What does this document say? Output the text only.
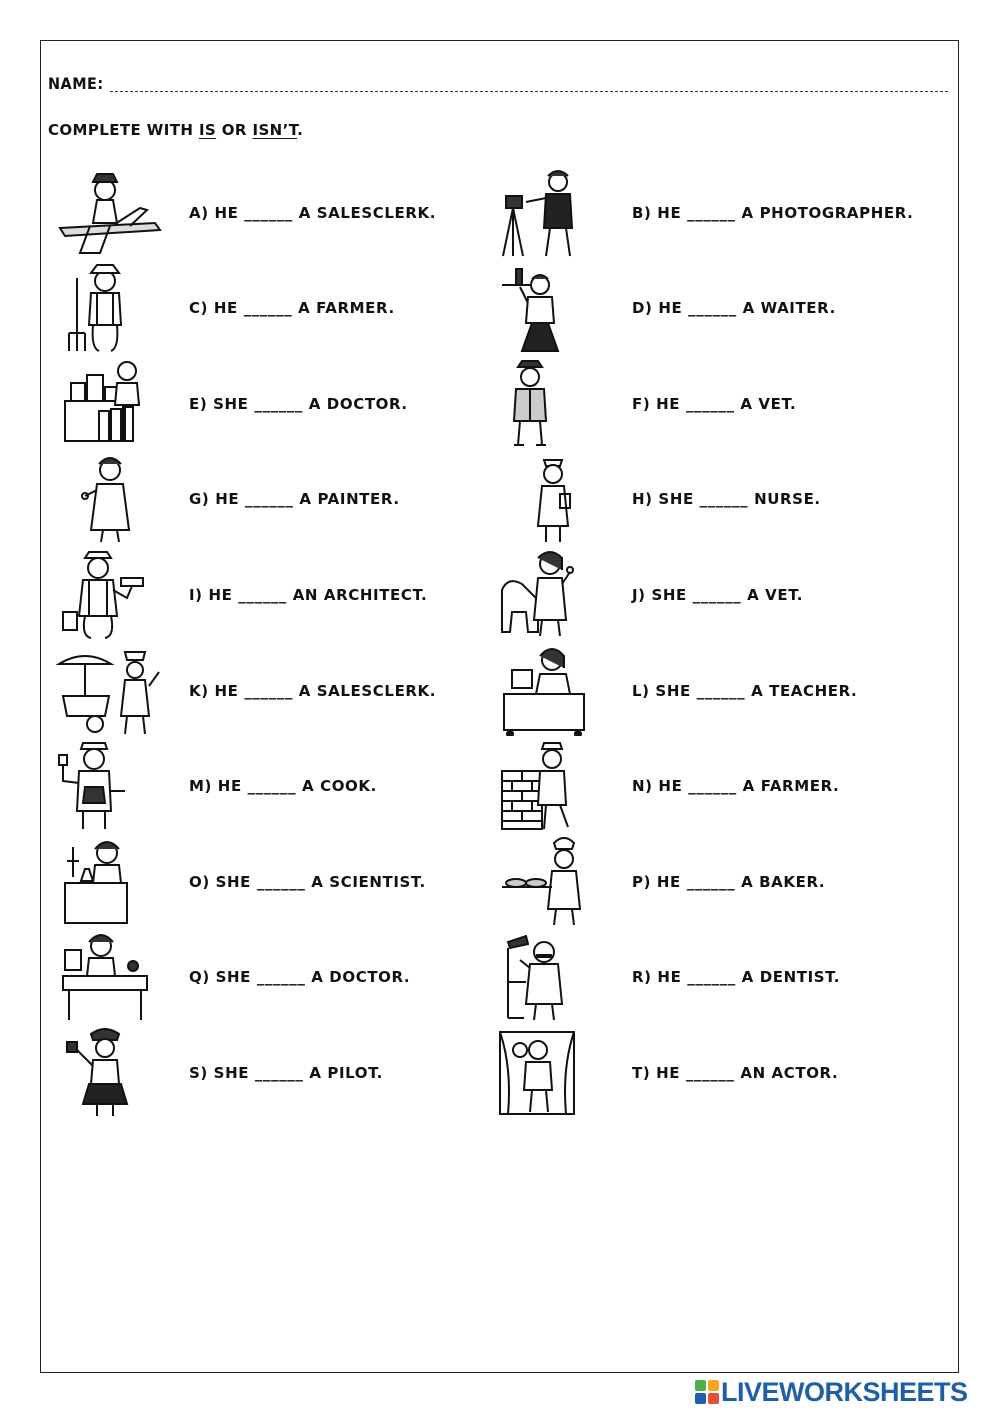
NAME:
COMPLETE WITH IS OR ISN’T.
A) HE ______ A SALESCLERK.	B) HE ______ A PHOTOGRAPHER.
C) HE ______ A FARMER.	D) HE ______ A WAITER.
E) SHE ______ A DOCTOR.	F) HE ______ A VET.
G) HE ______ A PAINTER.	H) SHE ______ NURSE.
I) HE ______ AN ARCHITECT.	J) SHE ______ A VET.
K) HE ______ A SALESCLERK.	L) SHE ______ A TEACHER.
M) HE ______ A COOK.	N) HE ______ A FARMER.
O) SHE ______ A SCIENTIST.	P) HE ______ A BAKER.
Q) SHE ______ A DOCTOR.	R) HE ______ A DENTIST.
S) SHE ______ A PILOT.	T) HE ______ AN ACTOR.
LIVEWORKSHEETS
